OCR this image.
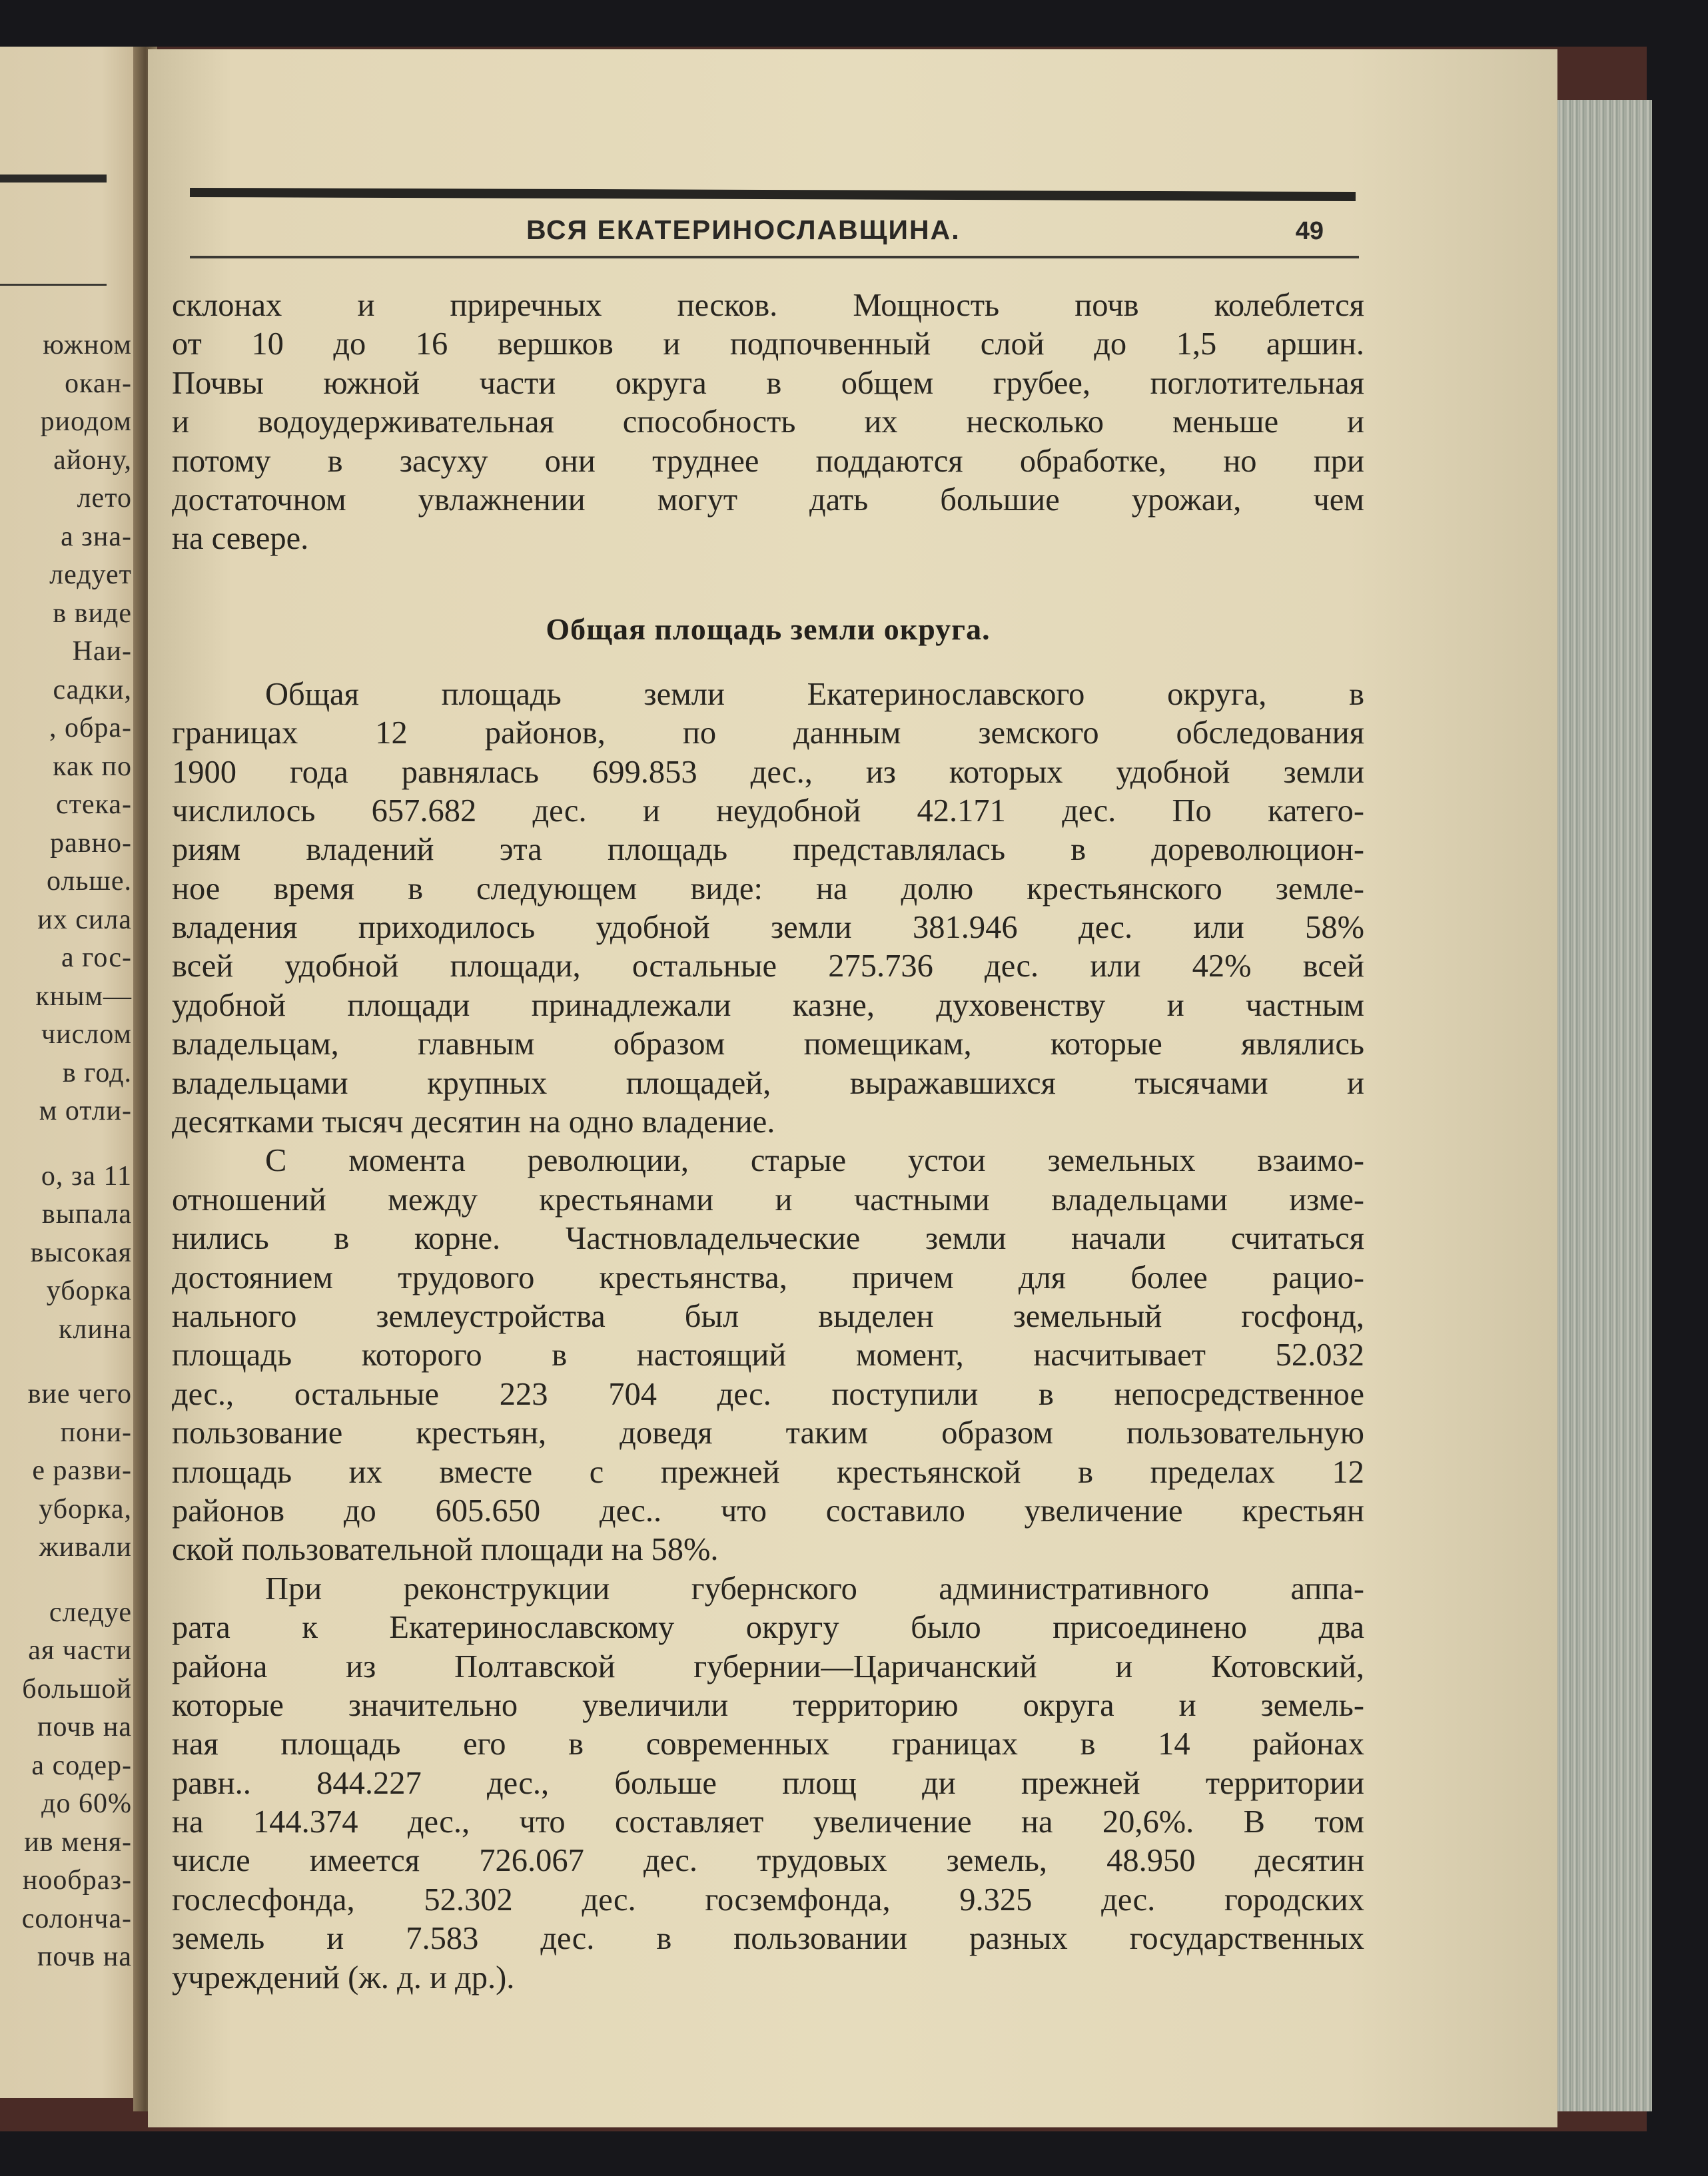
южном
окан-
риодом
айону,
лето
а зна-
ледует
в виде
Наи-
садки,
, обра-
как по
стека-
равно-
ольше.
их сила
а гос-
кным—
числом
в год.
м отли-
о, за 11
выпала
высокая
уборка
клина
вие чего
пони-
е разви-
уборка,
живали
следуе
ая части
большой
почв на
а содер-
до 60%
ив меня-
нообраз-
солонча-
почв на
ВСЯ ЕКАТЕРИНОСЛАВЩИНА.	49
склонах и приречных песков. Мощность почв колеблется
от 10 до 16 вершков и подпочвенный слой до 1,5 аршин.
Почвы южной части округа в общем грубее, поглотительная
и водоудерживательная способность их несколько меньше и
потому в засуху они труднее поддаются обработке, но при
достаточном увлажнении могут дать большие урожаи, чем
на севере.
Общая площадь земли Екатеринославского округа, в
границах 12 районов, по данным земского обследования
1900 года равнялась 699.853 дес., из которых удобной земли
числилось 657.682 дес. и неудобной 42.171 дес. По катего-
риям владений эта площадь представлялась в дореволюцион-
ное время в следующем виде: на долю крестьянского земле-
владения приходилось удобной земли 381.946 дес. или 58%
всей удобной площади, остальные 275.736 дес. или 42% всей
удобной площади принадлежали казне, духовенству и частным
владельцам, главным образом помещикам, которые являлись
владельцами крупных площадей, выражавшихся тысячами и
десятками тысяч десятин на одно владение.
С момента революции, старые устои земельных взаимо-
отношений между крестьянами и частными владельцами изме-
нились в корне. Частновладельческие земли начали считаться
достоянием трудового крестьянства, причем для более рацио-
нального землеустройства был выделен земельный госфонд,
площадь которого в настоящий момент, насчитывает 52.032
дес., остальные 223 704 дес. поступили в непосредственное
пользование крестьян, доведя таким образом пользовательную
площадь их вместе с прежней крестьянской в пределах 12
районов до 605.650 дес.. что составило увеличение крестьян
ской пользовательной площади на 58%.
При реконструкции губернского административного аппа-
рата к Екатеринославскому округу было присоединено два
района из Полтавской губернии—Царичанский и Котовский,
которые значительно увеличили территорию округа и земель-
ная площадь его в современных границах в 14 районах
равн.. 844.227 дес., больше площ ди прежней территории
на 144.374 дес., что составляет увеличение на 20,6%. В том
числе имеется 726.067 дес. трудовых земель, 48.950 десятин
гослесфонда, 52.302 дес. госземфонда, 9.325 дес. городских
земель и 7.583 дес. в пользовании разных государственных
учреждений (ж. д. и др.).
Общая площадь земли округа.
